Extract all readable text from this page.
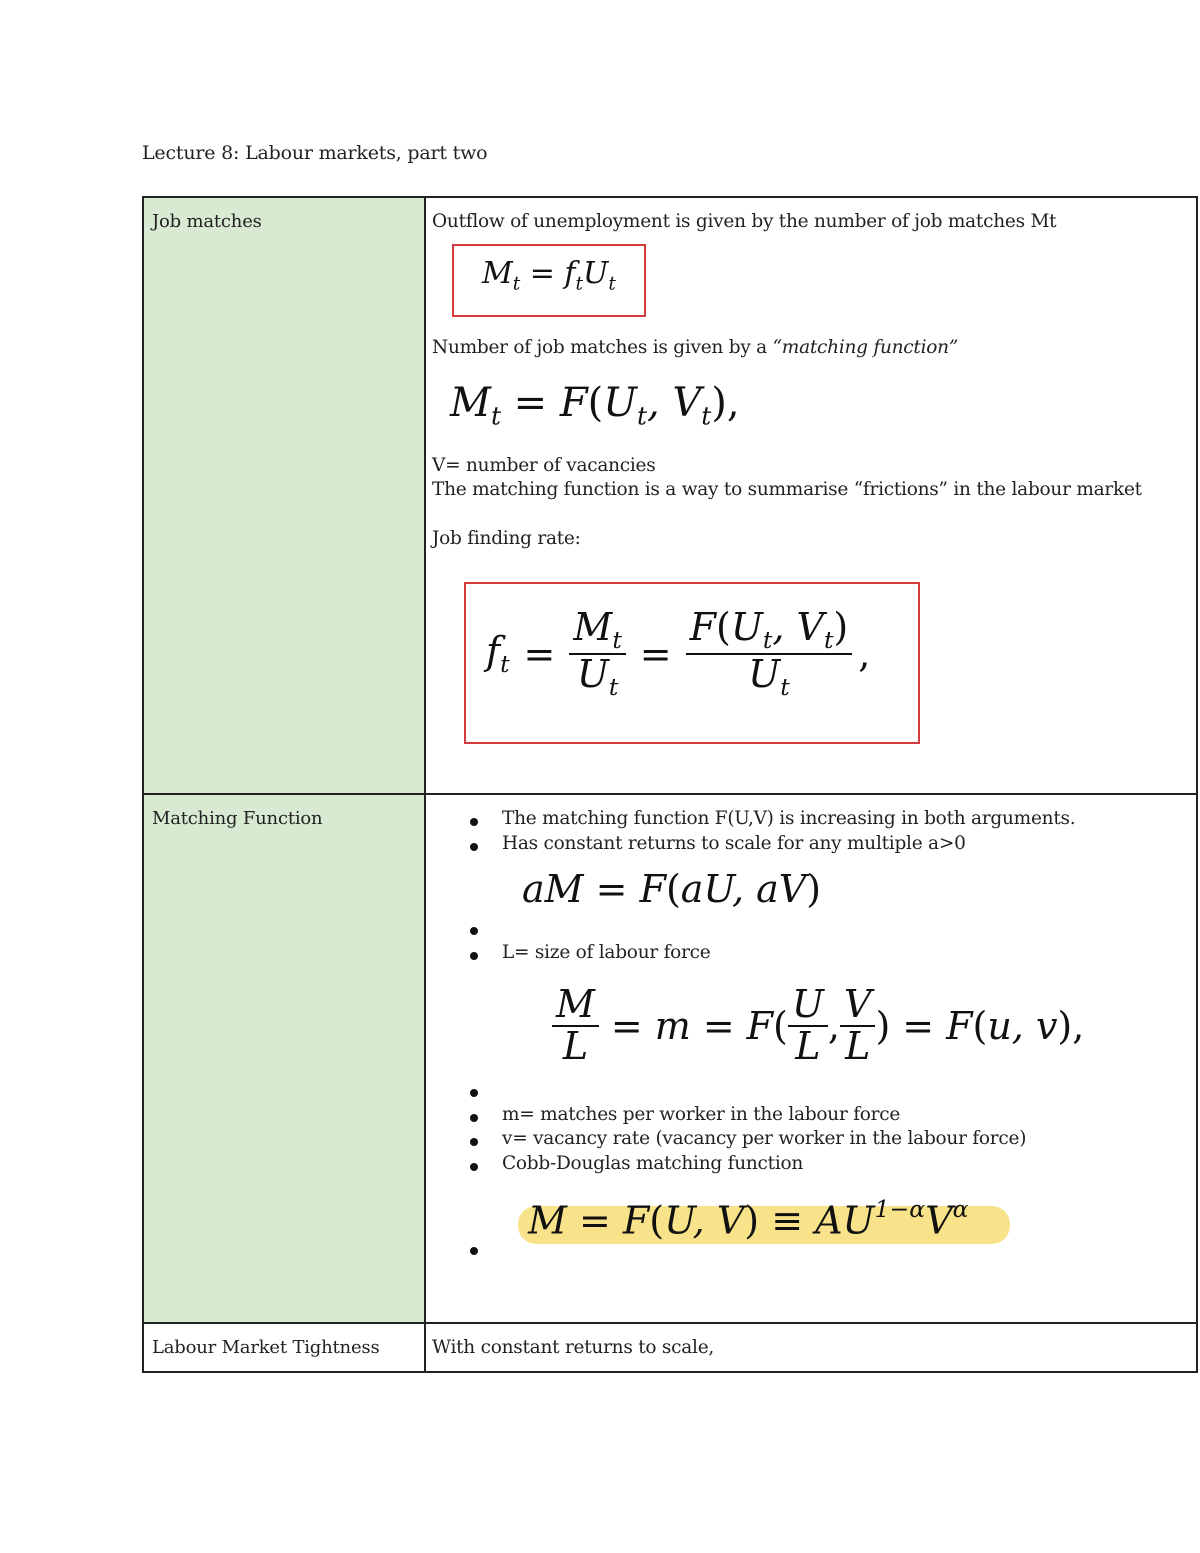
Lecture 8: Labour markets, part two
Job matches	Outflow of unemployment is given by the number of job matches Mt
$M_t = f_tU_t$
Number of job matches is given by a “matching function”
$M_t = F(U_t$, $V_t$),
V= number of vacancies
The matching function is a way to summarise “frictions” in the labour market
Job finding rate:
$f_t = \frac{M_t}{U_t} = \frac{F(U_t, V_t)}{U_t}$ ,
Matching Function	The matching function F(U,V) is increasing in both arguments.
Has constant returns to scale for any multiple a>0
aM = F(aU, aV)
L= size of labour force
$\frac{M}{L} = m = F( \frac{U}{L}$ , $\frac{V}{L}$ ) = F(u, v),
m= matches per worker in the labour force
v= vacancy rate (vacancy per worker in the labour force)
Cobb-Douglas matching function
M = F(U, $V) \equiv AU^{1-\alpha}V^\alpha$
Labour Market Tightness	With constant returns to scale,
